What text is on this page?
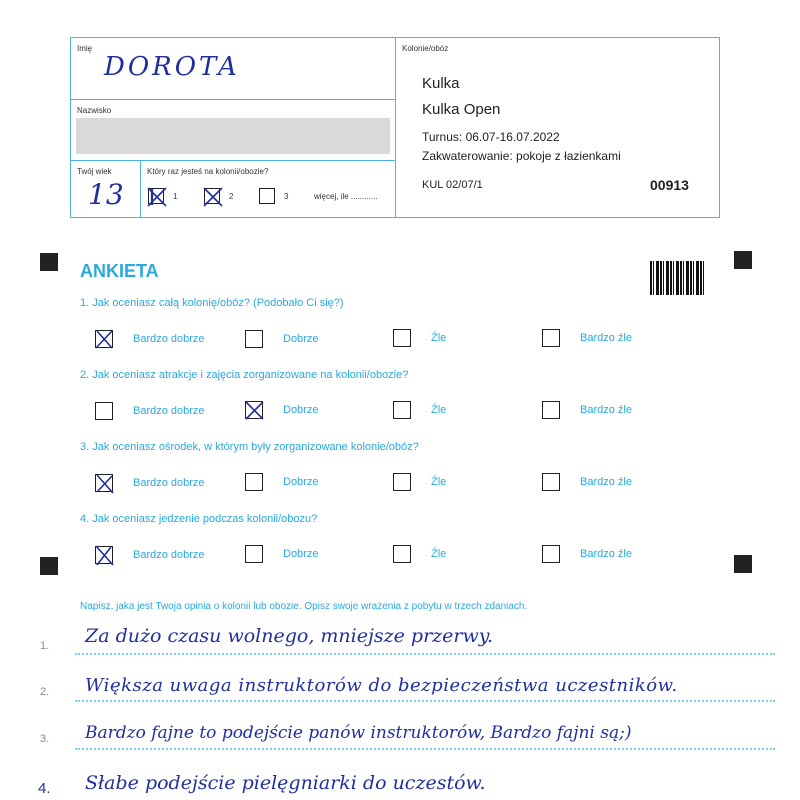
Imię
DOROTA
Nazwisko
Twój wiek
13
Który raz jesteś na kolonii/obozie?
1	2	3	więcej, ile ............
Kolonie/obóz
Kulka
Kulka Open
Turnus: 06.07-16.07.2022
Zakwaterowanie: pokoje z łazienkami
KUL 02/07/1	00913
ANKIETA
1. Jak oceniasz całą kolonię/obóz? (Podobało Ci się?)
Bardzo dobrze	Dobrze	Źle	Bardzo źle
2. Jak oceniasz atrakcje i zajęcia zorganizowane na kolonii/obozie?
Bardzo dobrze	Dobrze	Źle	Bardzo źle
3. Jak oceniasz ośrodek, w którym były zorganizowane kolonie/obóz?
Bardzo dobrze	Dobrze	Źle	Bardzo źle
4. Jak oceniasz jedzenie podczas kolonii/obozu?
Bardzo dobrze	Dobrze	Źle	Bardzo źle
Napisz, jaka jest Twoja opinia o kolonii lub obozie. Opisz swoje wrażenia z pobytu w trzech zdaniach.
1. Za dużo czasu wolnego, mniejsze przerwy.
2. Większa uwaga instruktorów do bezpieczeństwa uczestników.
3. Bardzo fajne to podejście panów instruktorów, Bardzo fajni są;)
4. Słabe podejście pielęgniarki do uczestów.
